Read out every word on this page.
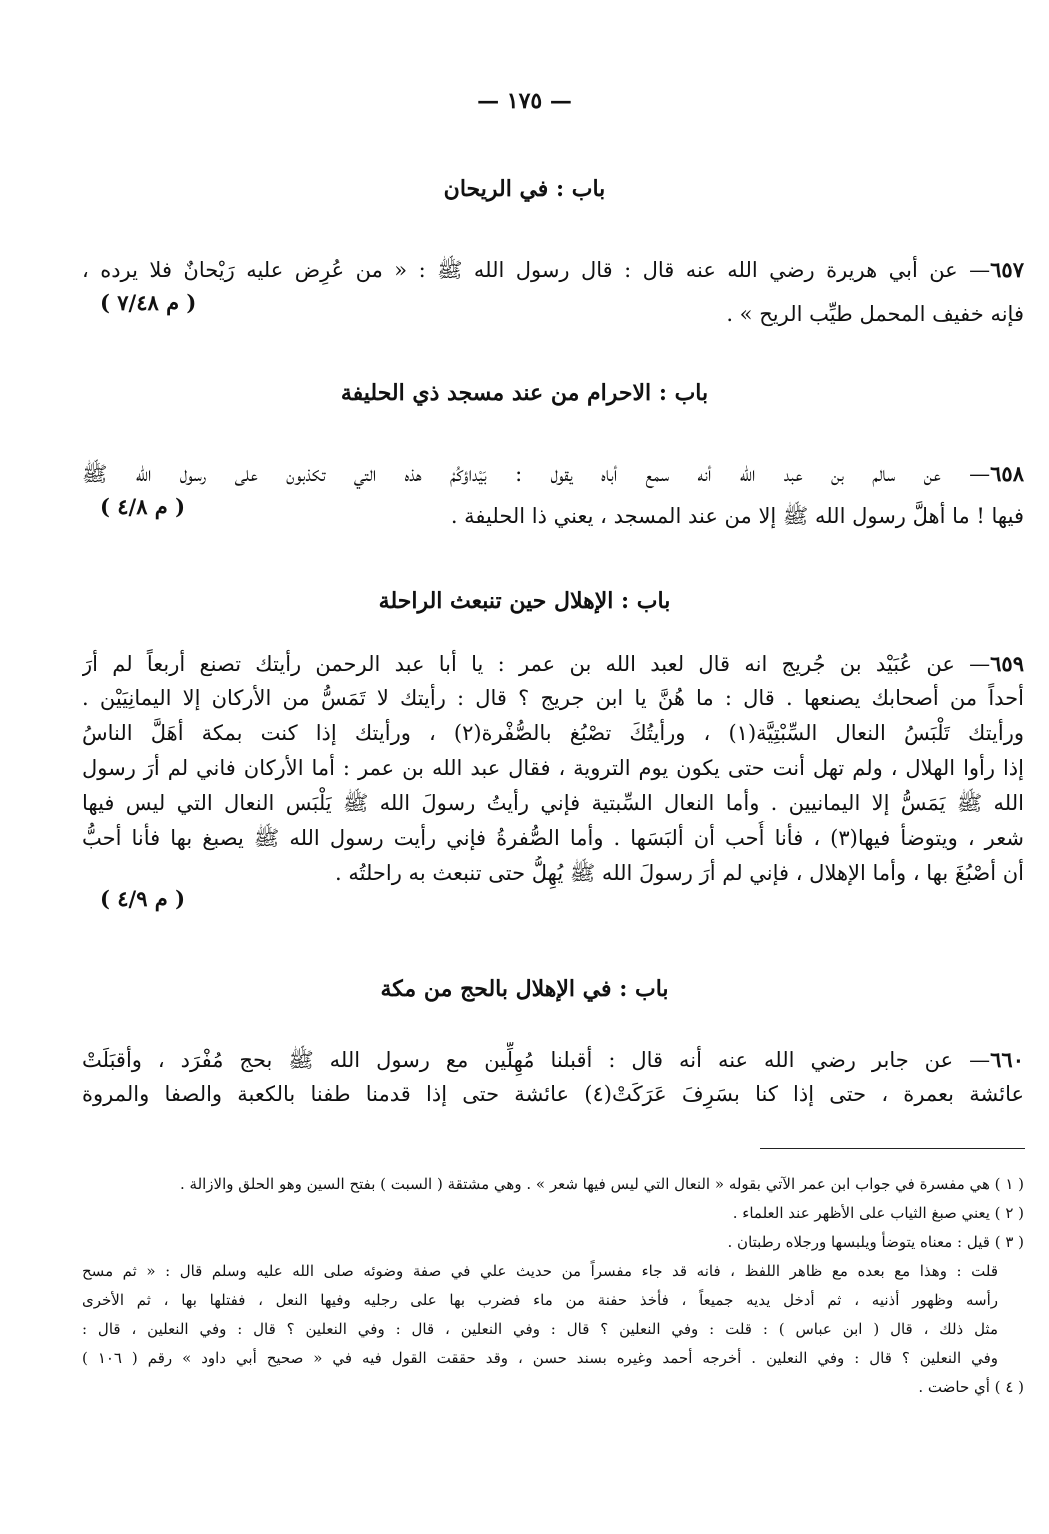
— ١٧٥ —
باب : في الريحان
٦٥٧— عن أبي هريرة رضي الله عنه قال : قال رسول الله ﷺ : « من عُرِض عليه رَيْحان‌ٌ فلا يرده ،
فإنه خفيف المحمل طيِّب الريح » .
( م ٧/٤٨ )
باب : الاحرام من عند مسجد ذي الحليفة
٦٥٨— عن سالم بن عبد الله أنه سمع أباه يقول : بَيْداؤكُم‌ْ هذه التي تكذبون على رسول الله ﷺ
فيها ! ما أهلَّ رسول الله ﷺ إلا من عند المسجد ، يعني ذا الحليفة .
( م ٤/٨ )
باب : الإهلال حين تنبعث الراحلة
٦٥٩— عن عُبَيْد بن جُريج انه قال لعبد الله بن عمر : يا أبا عبد الرحمن رأيتك تصنع أربعاً لم أرَ
أحداً من أصحابك يصنعها . قال : ما هُنَّ يا ابن جريج ؟ قال : رأيتك لا تَمَسُّ من الأركان إلا اليمانِيَيْن .
ورأيتك تَلْبَسُ النعال السِّبْتِيَّة(١) ، ورأيتُكَ تصْبُغ بالصُّفْرة(٢) ، ورأيتك إذا كنت بمكة أهَلَّ الناسُ
إذا رأوا الهلال ، ولم تهل أنت حتى يكون يوم التروية ، فقال عبد الله بن عمر : أما الأركان فاني لم أرَ رسول
الله ﷺ يَمَسُّ إلا اليمانيين . وأما النعال السِّبتية فإني رأيتُ رسولَ الله ﷺ يَلْبَس النعال التي ليس فيها
شعر ، ويتوضأ فيها(٣) ، فأنا أُحب أن ألبَسَها . وأما الصُّفرةُ فإني رأيت رسول الله ﷺ يصبغ بها فأنا أحبُّ
أن أصْبُغَ بها ، وأما الإهلال ، فإني لم أرَ رسولَ الله ﷺ يُهِلُّ حتى تنبعث به راحلتُه .
( م ٤/٩ )
باب : في الإهلال بالحج من مكة
٦٦٠— عن جابر رضي الله عنه أنه قال : أقبلنا مُهِلِّين مع رسول الله ﷺ بحج مُفْرَد ، وأقبَلَتْ
عائشة بعمرة ، حتى إذا كنا بسَرِفَ عَرَكَتْ(٤) عائشة حتى إذا قدمنا طفنا بالكعبة والصفا والمروة
( ١ ) هي مفسرة في جواب ابن عمر الآتي بقوله « النعال التي ليس فيها شعر » . وهي مشتقة ( السبت ) بفتح السين وهو الحلق والازالة .
( ٢ ) يعني صبغ الثياب على الأظهر عند العلماء .
( ٣ ) قيل : معناه يتوضأ ويلبسها ورجلاه رطبتان .
قلت : وهذا مع بعده مع ظاهر اللفظ ، فانه قد جاء مفسراً من حديث علي في صفة وضوئه صلى الله عليه وسلم قال : « ثم مسح
رأسه وظهور أذنيه ، ثم أدخل يديه جميعاً ، فأخذ حفنة من ماء فضرب بها على رجليه وفيها النعل ، ففتلها بها ، ثم الأخرى
مثل ذلك ، قال ( ابن عباس ) : قلت : وفي النعلين ؟ قال : وفي النعلين ، قال : وفي النعلين ؟ قال : وفي النعلين ، قال :
وفي النعلين ؟ قال : وفي النعلين . أخرجه أحمد وغيره بسند حسن ، وقد حققت القول فيه في « صحيح أبي داود » رقم ( ١٠٦ )
( ٤ ) أي حاضت .
